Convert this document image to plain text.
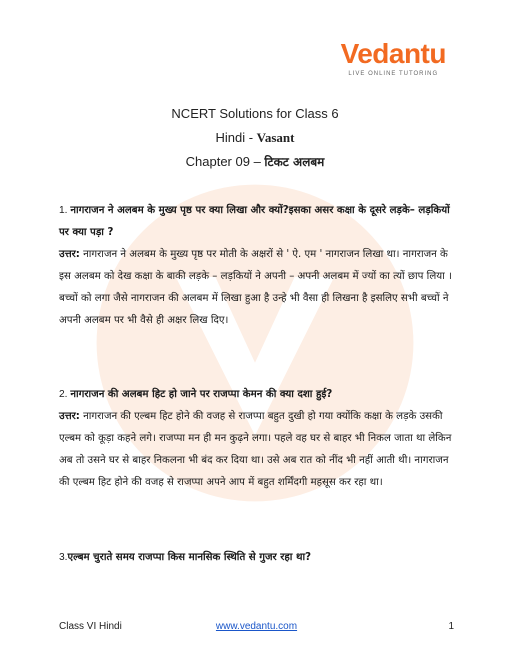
Vedantu
LIVE ONLINE TUTORING
NCERT Solutions for Class 6
Hindi - Vasant
Chapter 09 – टिकट अलबम
1. नागराजन ने अलबम के मुख्य पृष्ठ पर क्या लिखा और क्यों?इसका असर कक्षा के दूसरे लड़के– लड़कियों पर क्या पड़ा ?
उत्तर: नागराजन ने अलबम के मुख्य पृष्ठ पर मोती के अक्षरों से ' ऐ. एम ' नागराजन लिखा था। नागराजन के इस अलबम को देख कक्षा के बाकी लड़के – लड़कियों ने अपनी – अपनी अलबम में ज्यों का त्यों छाप लिया । बच्चों को लगा जैसे नागराजन की अलबम में लिखा हुआ है उन्हे भी वैसा ही लिखना है इसलिए सभी बच्चों ने अपनी अलबम पर भी वैसे ही अक्षर लिख दिए।
2. नागराजन की अलबम हिट हो जाने पर राजप्पा केमन की क्या दशा हुई?
उत्तर: नागराजन की एल्बम हिट होने की वजह से राजप्पा बहुत दुखी हो गया क्योंकि कक्षा के लड़के उसकी एल्बम को कूड़ा कहने लगे। राजप्पा मन ही मन कुढ़ने लगा। पहले वह घर से बाहर भी निकल जाता था लेकिन अब तो उसने घर से बाहर निकलना भी बंद कर दिया था। उसे अब रात को नींद भी नहीं आती थी। नागराजन की एल्बम हिट होने की वजह से राजप्पा अपने आप में बहुत शर्मिंदगी महसूस कर रहा था।
3.एल्बम चुराते समय राजप्पा किस मानसिक स्थिति से गुजर रहा था?
Class VI Hindi	www.vedantu.com	1
